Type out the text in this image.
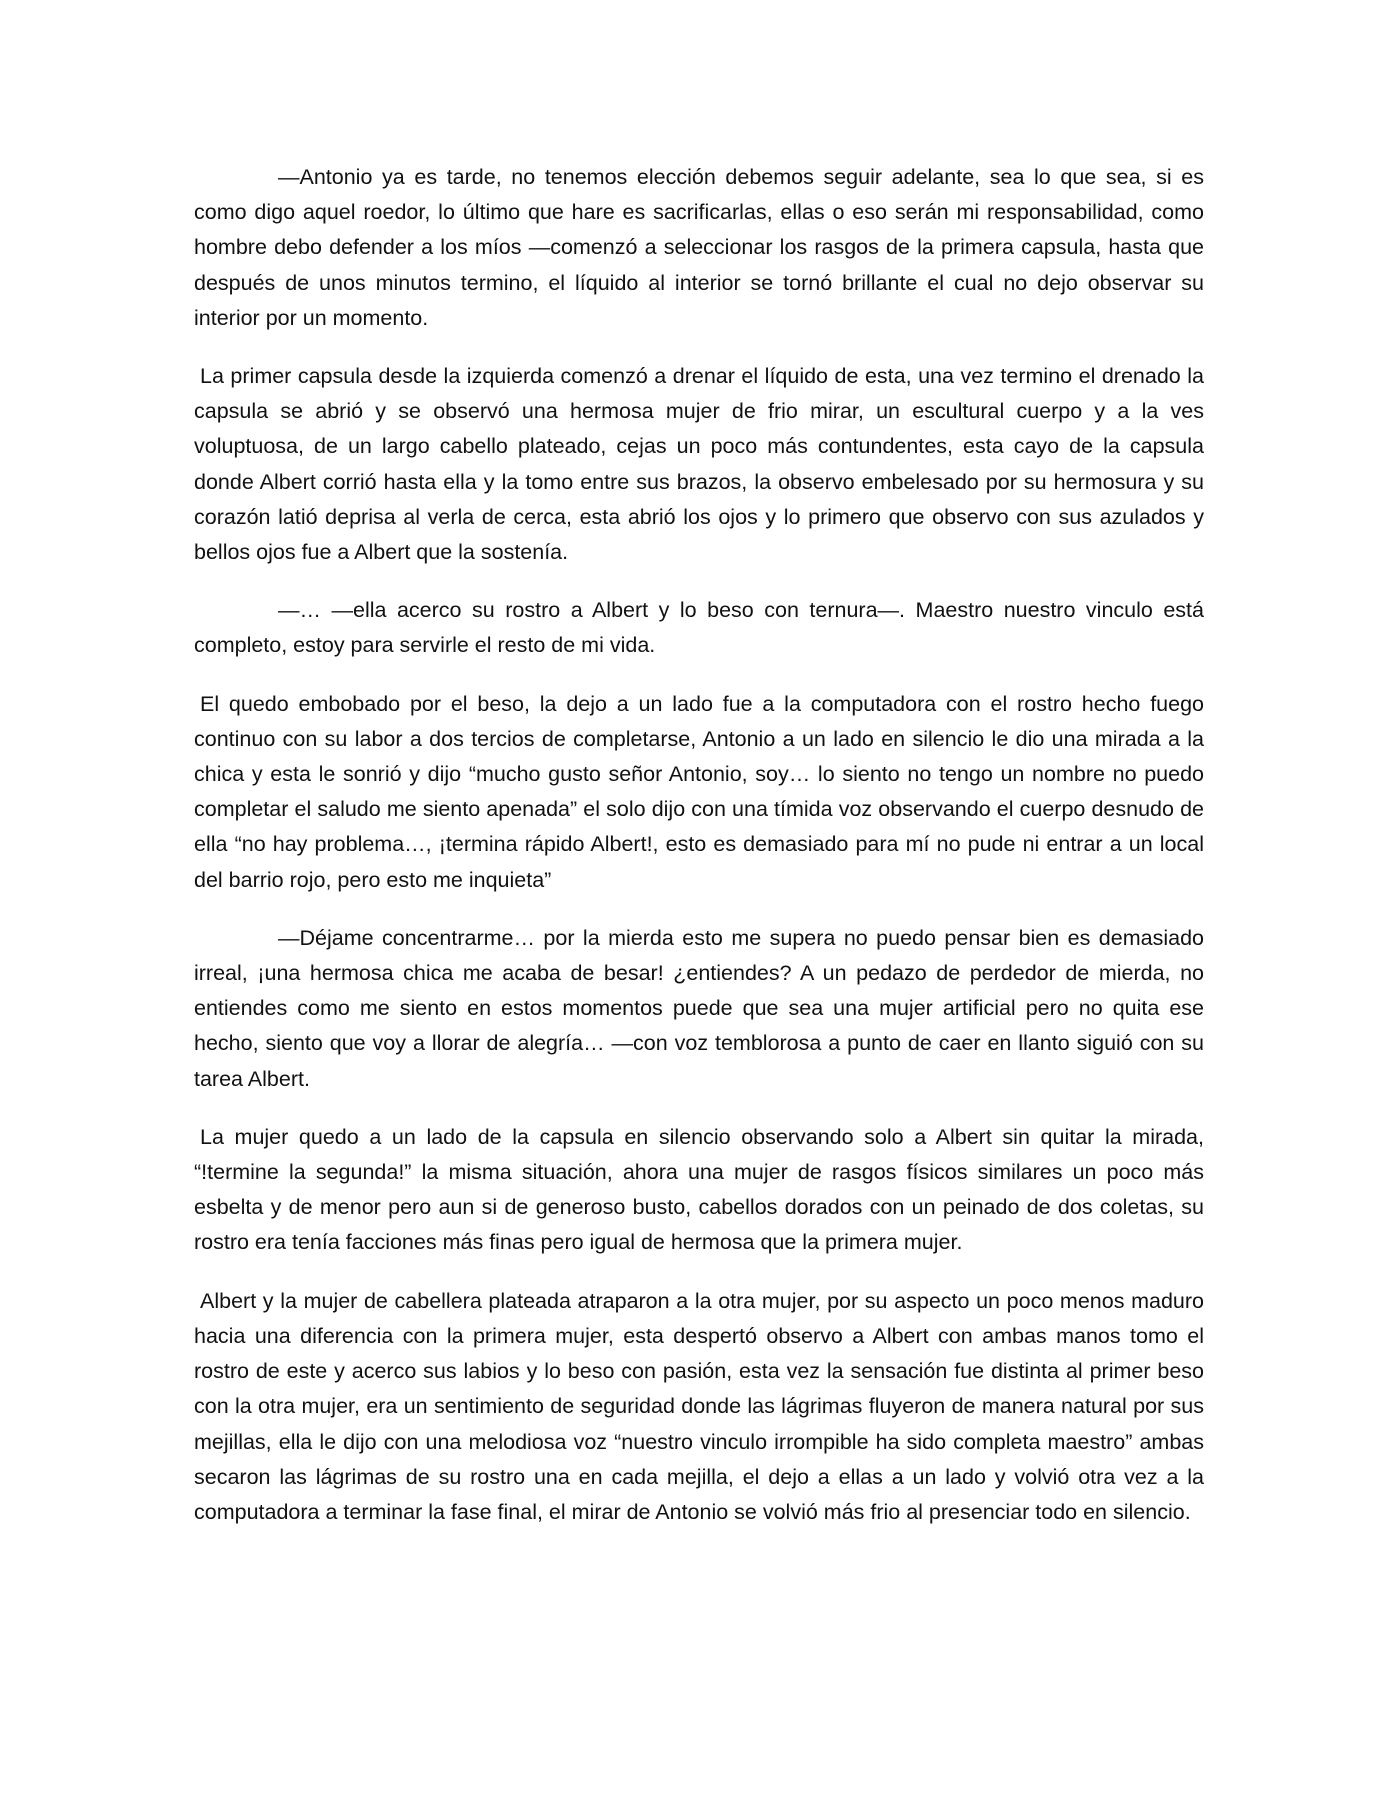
—Antonio ya es tarde, no tenemos elección debemos seguir adelante, sea lo que sea, si es como digo aquel roedor, lo último que hare es sacrificarlas, ellas o eso serán mi responsabilidad, como hombre debo defender a los míos —comenzó a seleccionar los rasgos de la primera capsula, hasta que después de unos minutos termino, el líquido al interior se tornó brillante el cual no dejo observar su interior por un momento.

La primer capsula desde la izquierda comenzó a drenar el líquido de esta, una vez termino el drenado la capsula se abrió y se observó una hermosa mujer de frio mirar, un escultural cuerpo y a la ves voluptuosa, de un largo cabello plateado, cejas un poco más contundentes, esta cayo de la capsula donde Albert corrió hasta ella y la tomo entre sus brazos, la observo embelesado por su hermosura y su corazón latió deprisa al verla de cerca, esta abrió los ojos y lo primero que observo con sus azulados y bellos ojos fue a Albert que la sostenía.

—… —ella acerco su rostro a Albert y lo beso con ternura—. Maestro nuestro vinculo está completo, estoy para servirle el resto de mi vida.

El quedo embobado por el beso, la dejo a un lado fue a la computadora con el rostro hecho fuego continuo con su labor a dos tercios de completarse, Antonio a un lado en silencio le dio una mirada a la chica y esta le sonrió y dijo “mucho gusto señor Antonio, soy… lo siento no tengo un nombre no puedo completar el saludo me siento apenada” el solo dijo con una tímida voz observando el cuerpo desnudo de ella “no hay problema…, ¡termina rápido Albert!, esto es demasiado para mí no pude ni entrar a un local del barrio rojo, pero esto me inquieta”

—Déjame concentrarme… por la mierda esto me supera no puedo pensar bien es demasiado irreal, ¡una hermosa chica me acaba de besar! ¿entiendes? A un pedazo de perdedor de mierda, no entiendes como me siento en estos momentos puede que sea una mujer artificial pero no quita ese hecho, siento que voy a llorar de alegría… —con voz temblorosa a punto de caer en llanto siguió con su tarea Albert.

La mujer quedo a un lado de la capsula en silencio observando solo a Albert sin quitar la mirada, “!termine la segunda!” la misma situación, ahora una mujer de rasgos físicos similares un poco más esbelta y de menor pero aun si de generoso busto, cabellos dorados con un peinado de dos coletas, su rostro era tenía facciones más finas pero igual de hermosa que la primera mujer.

Albert y la mujer de cabellera plateada atraparon a la otra mujer, por su aspecto un poco menos maduro hacia una diferencia con la primera mujer, esta despertó observo a Albert con ambas manos tomo el rostro de este y acerco sus labios y lo beso con pasión, esta vez la sensación fue distinta al primer beso con la otra mujer, era un sentimiento de seguridad donde las lágrimas fluyeron de manera natural por sus mejillas, ella le dijo con una melodiosa voz “nuestro vinculo irrompible ha sido completa maestro” ambas secaron las lágrimas de su rostro una en cada mejilla, el dejo a ellas a un lado y volvió otra vez a la computadora a terminar la fase final, el mirar de Antonio se volvió más frio al presenciar todo en silencio.
